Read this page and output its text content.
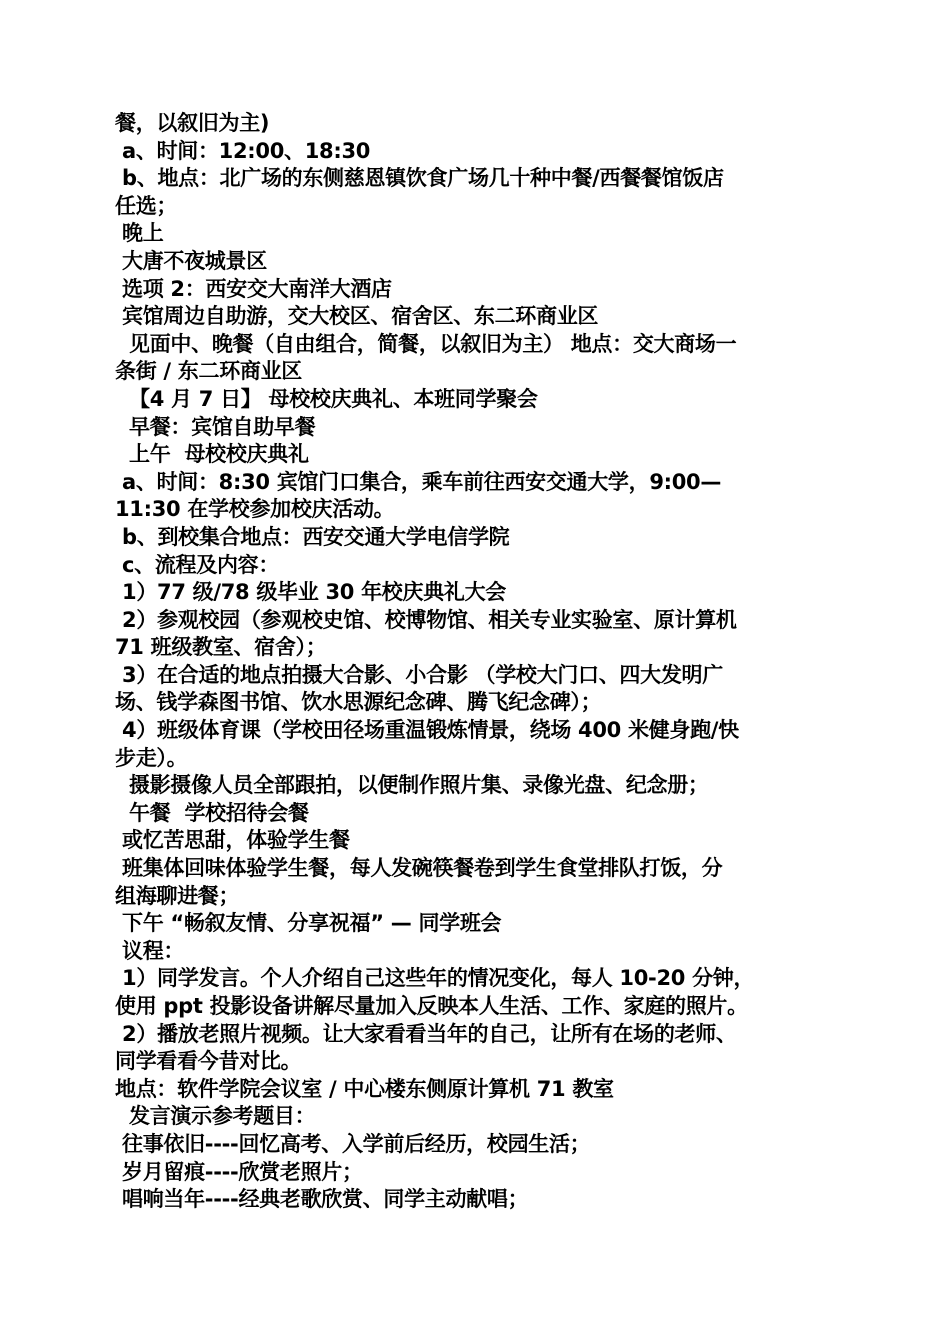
餐，以叙旧为主)
a、时间：12:00、18:30
b、地点：北广场的东侧慈恩镇饮食广场几十种中餐/西餐餐馆饭店
任选；
晚上
大唐不夜城景区
选项 2：西安交大南洋大酒店
宾馆周边自助游，交大校区、宿舍区、东二环商业区
见面中、晚餐（自由组合，简餐，以叙旧为主） 地点：交大商场一
条街 / 东二环商业区
【4 月 7 日】 母校校庆典礼、本班同学聚会
早餐：宾馆自助早餐
上午  母校校庆典礼
a、时间：8:30 宾馆门口集合，乘车前往西安交通大学，9:00—
11:30 在学校参加校庆活动。
b、到校集合地点：西安交通大学电信学院
c、流程及内容：
1）77 级/78 级毕业 30 年校庆典礼大会
2）参观校园（参观校史馆、校博物馆、相关专业实验室、原计算机
71 班级教室、宿舍）；
3）在合适的地点拍摄大合影、小合影 （学校大门口、四大发明广
场、钱学森图书馆、饮水思源纪念碑、腾飞纪念碑）；
4）班级体育课（学校田径场重温锻炼情景，绕场 400 米健身跑/快
步走）。
摄影摄像人员全部跟拍，以便制作照片集、录像光盘、纪念册；
午餐  学校招待会餐
或忆苦思甜，体验学生餐
班集体回味体验学生餐，每人发碗筷餐卷到学生食堂排队打饭，分
组海聊进餐；
下午 “畅叙友情、分享祝福” — 同学班会
议程：
1）同学发言。个人介绍自己这些年的情况变化，每人 10-20 分钟，
使用 ppt 投影设备讲解尽量加入反映本人生活、工作、家庭的照片。
2）播放老照片视频。让大家看看当年的自己，让所有在场的老师、
同学看看今昔对比。
地点：软件学院会议室 / 中心楼东侧原计算机 71 教室
发言演示参考题目：
往事依旧----回忆高考、入学前后经历，校园生活；
岁月留痕----欣赏老照片；
唱响当年----经典老歌欣赏、同学主动献唱；
